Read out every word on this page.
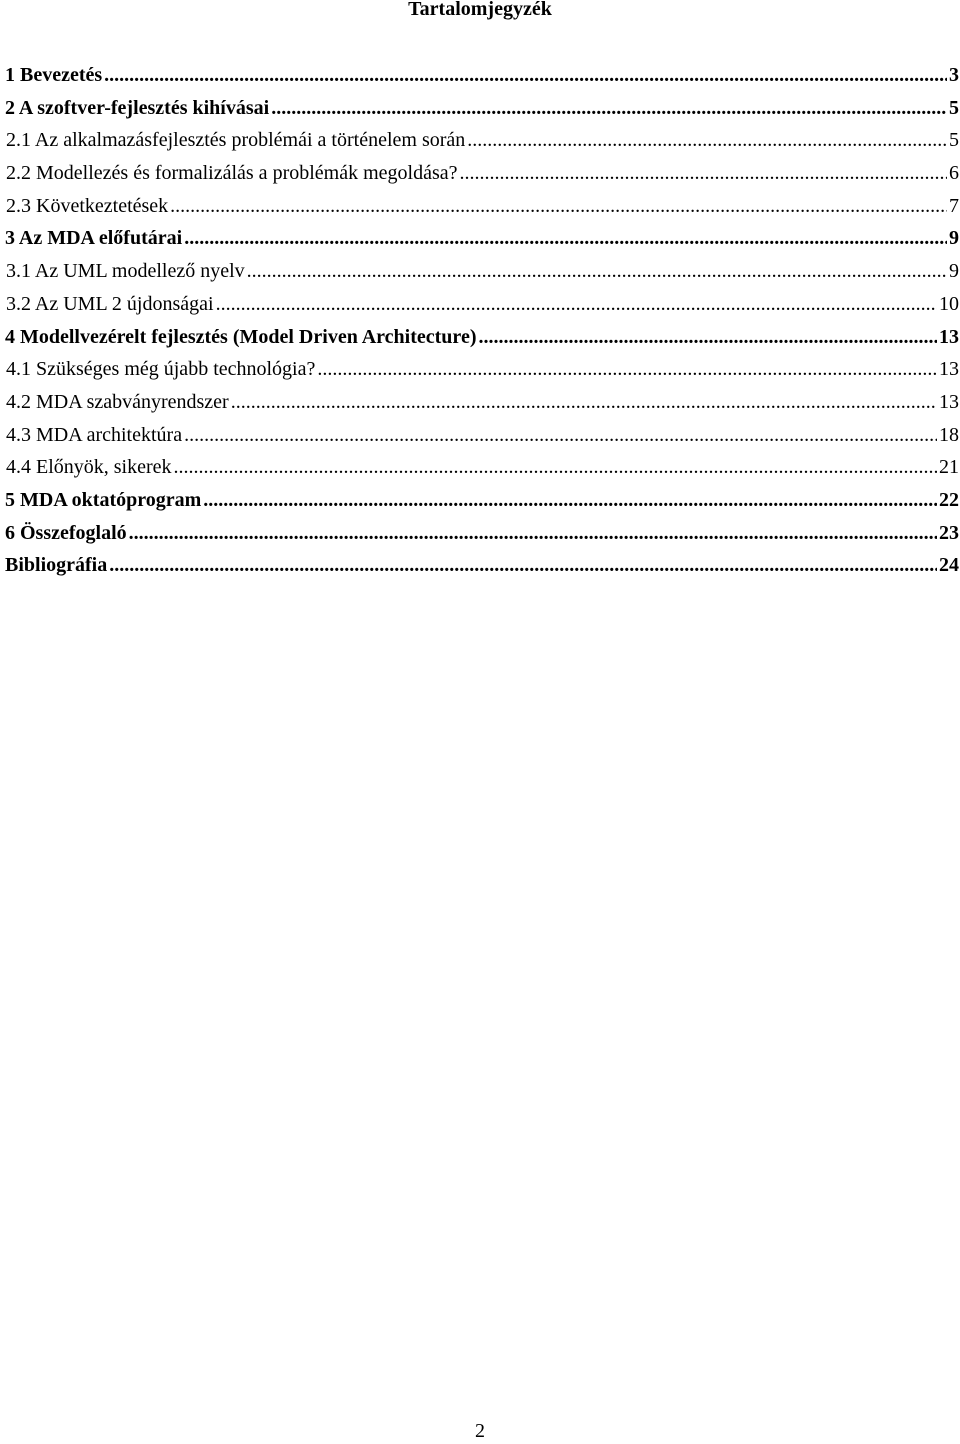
Tartalomjegyzék
1 Bevezetés .....	3
2 A szoftver-fejlesztés kihívásai .....	5
2.1 Az alkalmazásfejlesztés problémái a történelem során .....	5
2.2 Modellezés és formalizálás a problémák megoldása? .....	6
2.3 Következtetések .....	7
3 Az MDA előfutárai .....	9
3.1 Az UML modellező nyelv .....	9
3.2 Az UML 2 újdonságai .....	10
4 Modellvezérelt fejlesztés (Model Driven Architecture) .....	13
4.1 Szükséges még újabb technológia? .....	13
4.2 MDA szabványrendszer .....	13
4.3 MDA architektúra .....	18
4.4 Előnyök, sikerek .....	21
5 MDA oktatóprogram .....	22
6 Összefoglaló .....	23
Bibliográfia .....	24
2
